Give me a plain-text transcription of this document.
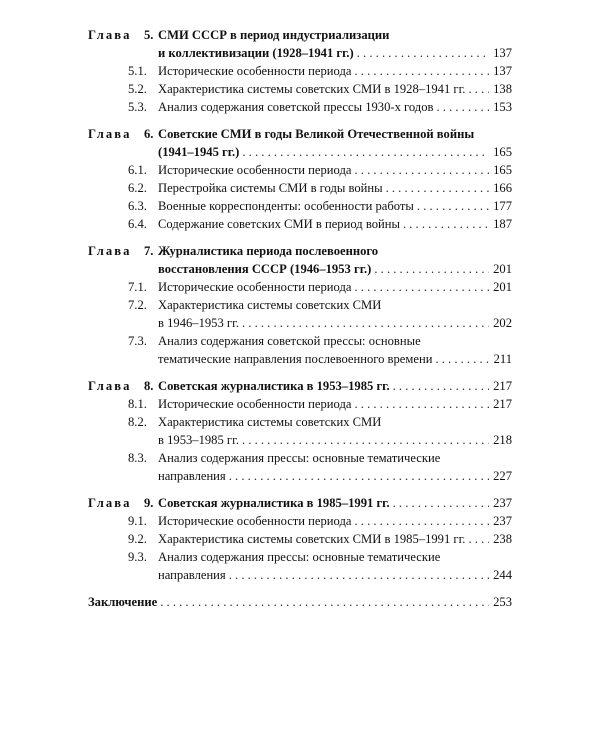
Глава 5. СМИ СССР в период индустриализации
и коллективизации (1928–1941 гг.) . . .	137
5.1. Исторические особенности периода . . .	137
5.2. Характеристика системы советских СМИ в 1928–1941 гг. . . . 138
5.3. Анализ содержания советской прессы 1930-х годов . . .	153
Глава 6. Советские СМИ в годы Великой Отечественной войны
(1941–1945 гг.) . . .	165
6.1. Исторические особенности периода . . .	165
6.2. Перестройка системы СМИ в годы войны . . .	166
6.3. Военные корреспонденты: особенности работы . . .	177
6.4. Содержание советских СМИ в период войны . . .	187
Глава 7. Журналистика периода послевоенного
восстановления СССР (1946–1953 гг.) . . .	201
7.1. Исторические особенности периода . . .	201
7.2. Характеристика системы советских СМИ
в 1946–1953 гг. . . .	202
7.3. Анализ содержания советской прессы: основные
тематические направления послевоенного времени . . .	211
Глава 8. Советская журналистика в 1953–1985 гг. . . .	217
8.1. Исторические особенности периода . . .	217
8.2. Характеристика системы советских СМИ
в 1953–1985 гг. . . .	218
8.3. Анализ содержания прессы: основные тематические
направления . . .	227
Глава 9. Советская журналистика в 1985–1991 гг. . . .	237
9.1. Исторические особенности периода . . .	237
9.2. Характеристика системы советских СМИ в 1985–1991 гг. . . . 238
9.3. Анализ содержания прессы: основные тематические
направления . . .	244
Заключение . . .	253
